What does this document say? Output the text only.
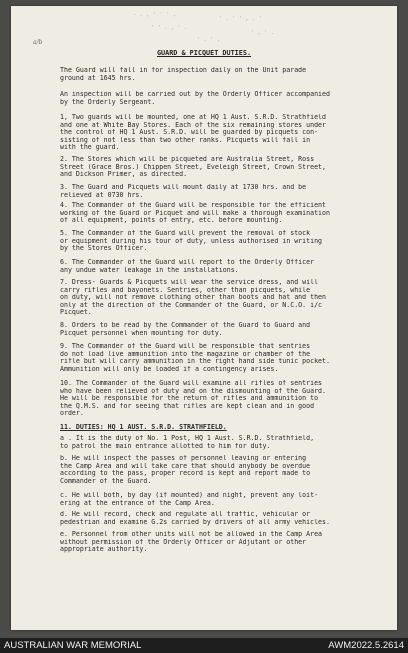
- . , ' ' ' ,
' . ' ' , . '
' ' . , ' .
' , ' .
' . ' ,
a/b
GUARD & PICQUET DUTIES.
The Guard will fall in for inspection daily on the Unit parade
ground at 1645 hrs.
An inspection will be carried out by the Orderly Officer accompanied
by the Orderly Sergeant.
1, Two guards will be mounted, one at HQ 1 Aust. S.R.D. Strathfield
and one at White Bay Stores. Each of the six remaining stores under
the control of HQ 1 Aust. S.R.D. will be guarded by picquets con-
sisting of not less than two other ranks. Picquets will fall in
with the guard.
2. The Stores which will be picqueted are Australia Street, Ross
Street (Grace Bros.) Chippen Street, Eveleigh Street, Crown Street,
and Dickson Primer, as directed.
3. The Guard and Picquets will mount daily at 1730 hrs. and be
relieved at 0730 hrs.
4. The Commander of the Guard will be responsible for the efficient
working of the Guard or Picquet and will make a thorough examination
of all equipment, points of entry, etc. before mounting.
5. The Commander of the Guard will prevent the removal of stock
or equipment during his tour of duty, unless authorised in writing
by the Stores Officer.
6. The Commander of the Guard will report to the Orderly Officer
any undue water leakage in the installations.
7. Dress- Guards & Picquets will wear the service dress, and will
carry rifles and bayonets. Sentries, other than picquets, while
on duty, will not remove clothing other than boots and hat and then
only at the direction of the Commander of the Guard, or N.C.O. i/c
Picquet.
8. Orders to be read by the Commander of the Guard to Guard and
Picquet personnel when mounting for duty.
9. The Commander of the Guard will be responsible that sentries
do not load live ammunition into the magazine or chamber of the
rifle but will carry ammunition in the right hand side tunic pocket.
Ammunition will only be loaded if a contingency arises.
10. The Commander of the Guard will examine all rifles of sentries
who have been relieved of duty and on the dismounting of the Guard.
He will be responsible for the return of rifles and ammunition to
the Q.M.S. and for seeing that rifles are kept clean and in good
order.
11. DUTIES: HQ 1 AUST. S.R.D. STRATHFIELD.
a . It is the duty of No. 1 Post, HQ 1 Aust. S.R.D. Strathfield,
to patrol the main entrance allotted to him for duty.
b. He will inspect the passes of personnel leaving or entering
the Camp Area and will take care that should anybody be overdue
according to the pass, proper record is kept and report made to
Commander of the Guard.
c. He will both, by day (if mounted) and night, prevent any loit-
ering at the entrance of the Camp Area.
d. He will record, check and regulate all traffic, vehicular or
pedestrian and examine G.2s carried by drivers of all army vehicles.
e. Personnel from other units will not be allowed in the Camp Area
without permission of the Orderly Officer or Adjutant or other
appropriate authority.
AUSTRALIAN WAR MEMORIAL	AWM2022.5.2614
